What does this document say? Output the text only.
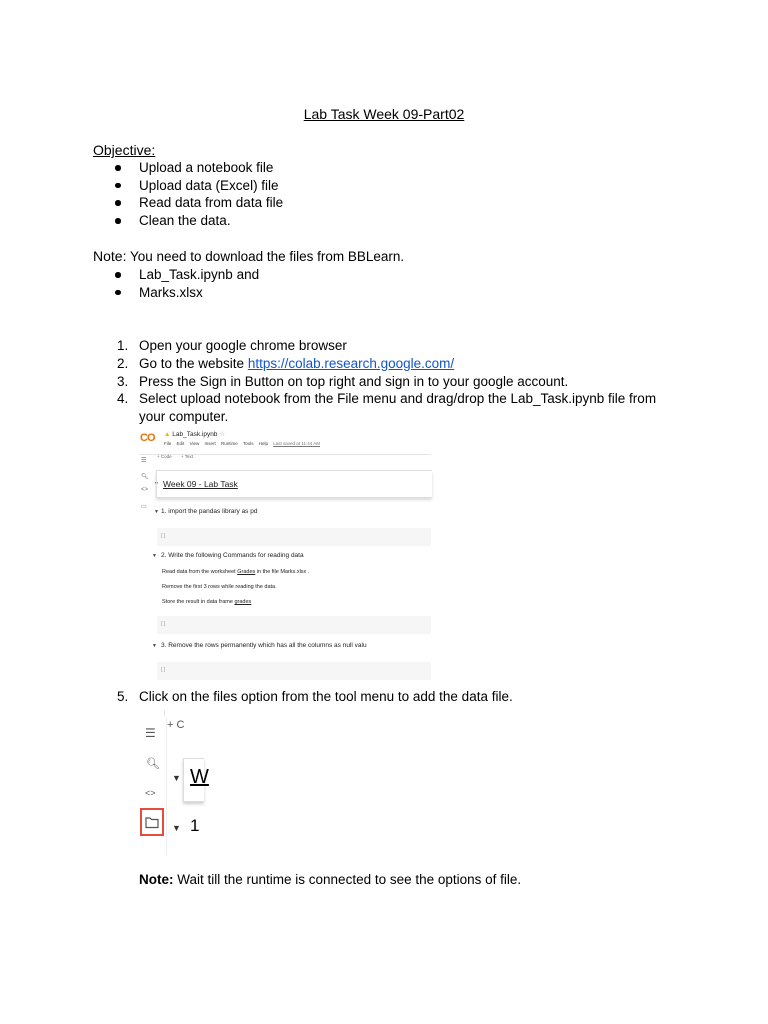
Lab Task Week 09-Part02
Objective:
Upload a notebook file
Upload data (Excel) file
Read data from data file
Clean the data.
Note: You need to download the files from BBLearn.
Lab_Task.ipynb and
Marks.xlsx
1. Open your google chrome browser
2. Go to the website https://colab.research.google.com/
3. Press the Sign in Button on top right and sign in to your google account.
4. Select upload notebook from the File menu and drag/drop the Lab_Task.ipynb file from your computer.
CO ▲ Lab_Task.ipynb ☆
File Edit View Insert Runtime Tools Help Last saved at 11:44 AM
+ Code + Text
☰
🔍︎
<>
▭
▼ Week 09 - Lab Task
▼ 1. import the pandas library as pd
[ ]
▼ 2. Write the following Commands for reading data
Read data from the worksheet Grades in the file Marks.xlsx .
Remove the first 3 rows while reading the data.
Store the result in data frame grades
[ ]
▼ 3. Remove the rows permanently which has all the columns as null valu
[ ]
5. Click on the files option from the tool menu to add the data file.
+ C
☰
🔍︎
<>
▼ W
▼ 1
Note: Wait till the runtime is connected to see the options of file.
